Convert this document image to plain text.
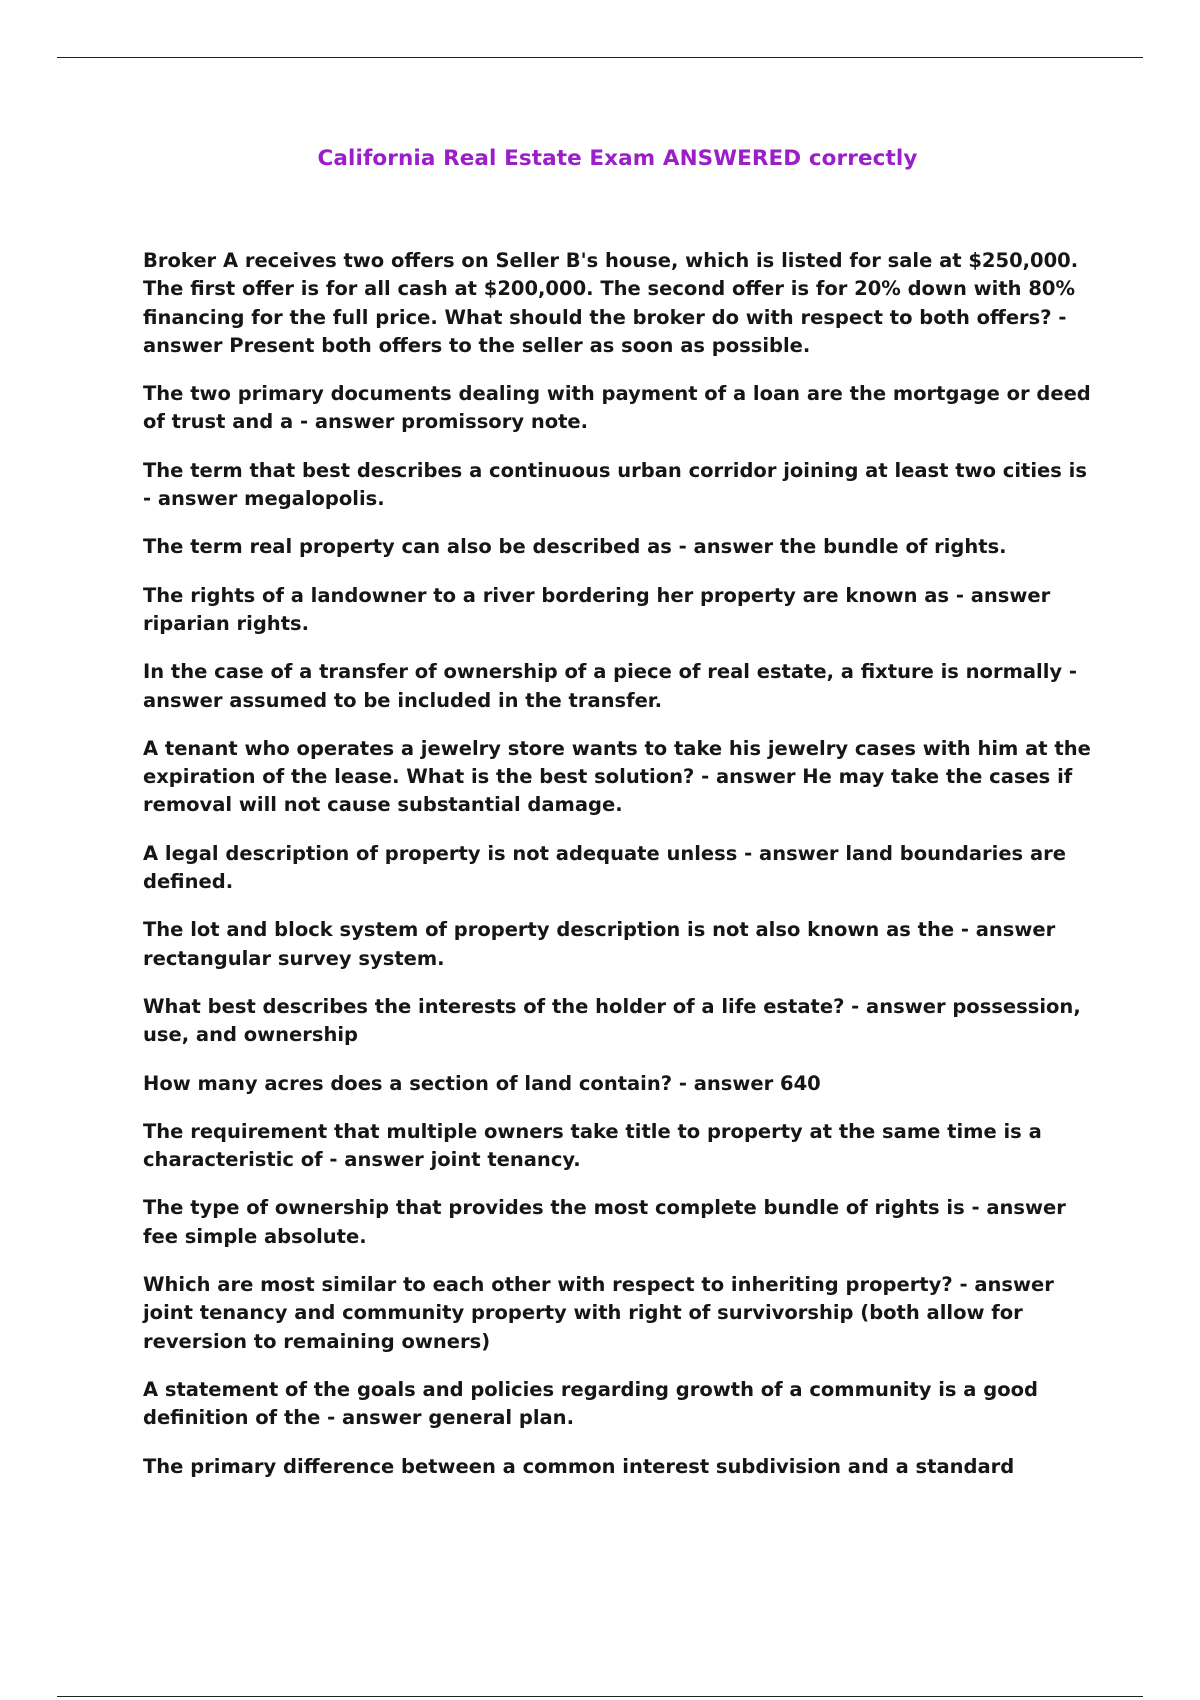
California Real Estate Exam ANSWERED correctly
Broker A receives two offers on Seller B's house, which is listed for sale at $250,000. The first offer is for all cash at $200,000. The second offer is for 20% down with 80% financing for the full price. What should the broker do with respect to both offers? - answer Present both offers to the seller as soon as possible.
The two primary documents dealing with payment of a loan are the mortgage or deed of trust and a - answer promissory note.
The term that best describes a continuous urban corridor joining at least two cities is - answer megalopolis.
The term real property can also be described as - answer the bundle of rights.
The rights of a landowner to a river bordering her property are known as - answer riparian rights.
In the case of a transfer of ownership of a piece of real estate, a fixture is normally - answer assumed to be included in the transfer.
A tenant who operates a jewelry store wants to take his jewelry cases with him at the expiration of the lease. What is the best solution? - answer He may take the cases if removal will not cause substantial damage.
A legal description of property is not adequate unless - answer land boundaries are defined.
The lot and block system of property description is not also known as the - answer rectangular survey system.
What best describes the interests of the holder of a life estate? - answer possession, use, and ownership
How many acres does a section of land contain? - answer 640
The requirement that multiple owners take title to property at the same time is a characteristic of - answer joint tenancy.
The type of ownership that provides the most complete bundle of rights is - answer fee simple absolute.
Which are most similar to each other with respect to inheriting property? - answer joint tenancy and community property with right of survivorship (both allow for reversion to remaining owners)
A statement of the goals and policies regarding growth of a community is a good definition of the - answer general plan.
The primary difference between a common interest subdivision and a standard
